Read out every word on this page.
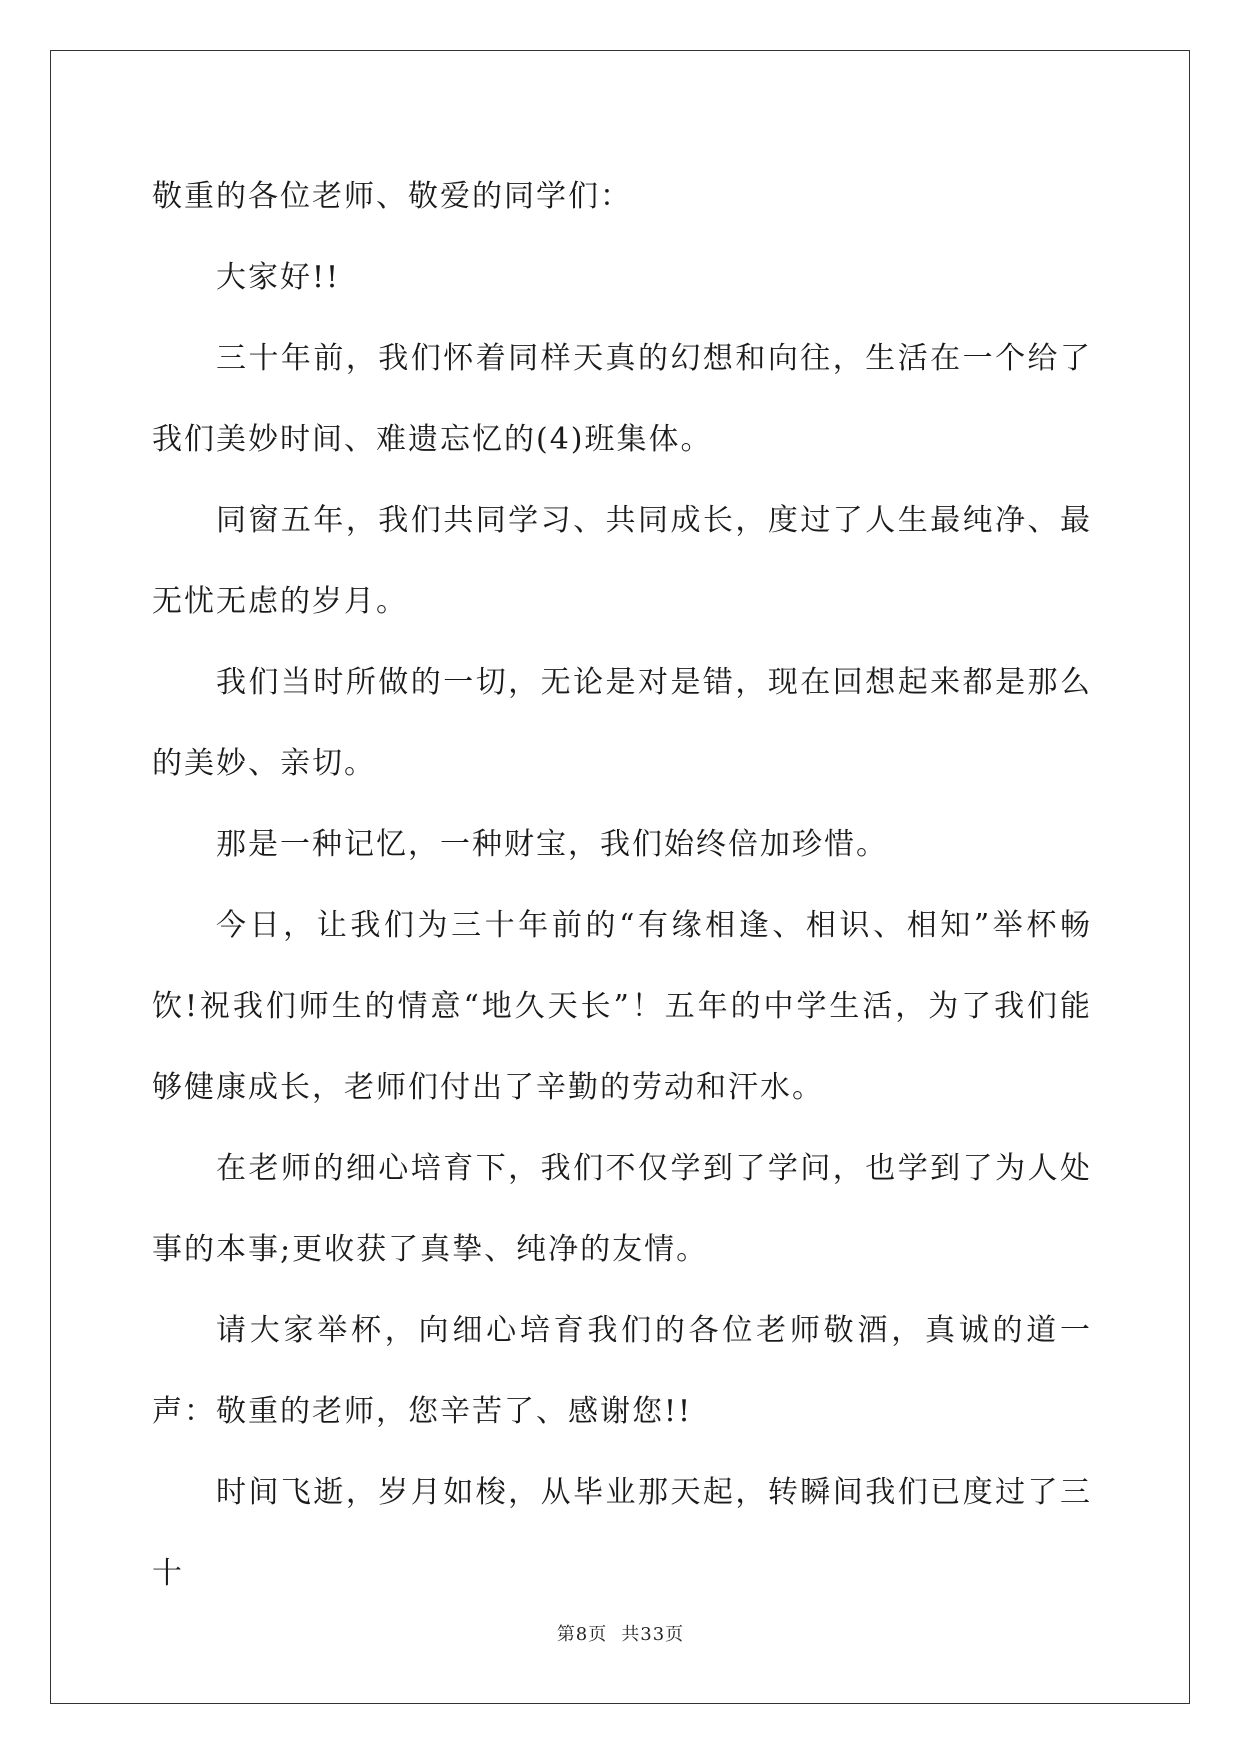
敬重的各位老师、敬爱的同学们：

大家好!!

三十年前，我们怀着同样天真的幻想和向往，生活在一个给了我们美妙时间、难遗忘忆的(4)班集体。

同窗五年，我们共同学习、共同成长，度过了人生最纯净、最无忧无虑的岁月。

我们当时所做的一切，无论是对是错，现在回想起来都是那么的美妙、亲切。

那是一种记忆，一种财宝，我们始终倍加珍惜。

今日，让我们为三十年前的“有缘相逢、相识、相知”举杯畅饮!祝我们师生的情意“地久天长”！五年的中学生活，为了我们能够健康成长，老师们付出了辛勤的劳动和汗水。

在老师的细心培育下，我们不仅学到了学问，也学到了为人处事的本事;更收获了真挚、纯净的友情。

请大家举杯，向细心培育我们的各位老师敬酒，真诚的道一声：敬重的老师，您辛苦了、感谢您!!

时间飞逝，岁月如梭，从毕业那天起，转瞬间我们已度过了三十

第8页 共33页
